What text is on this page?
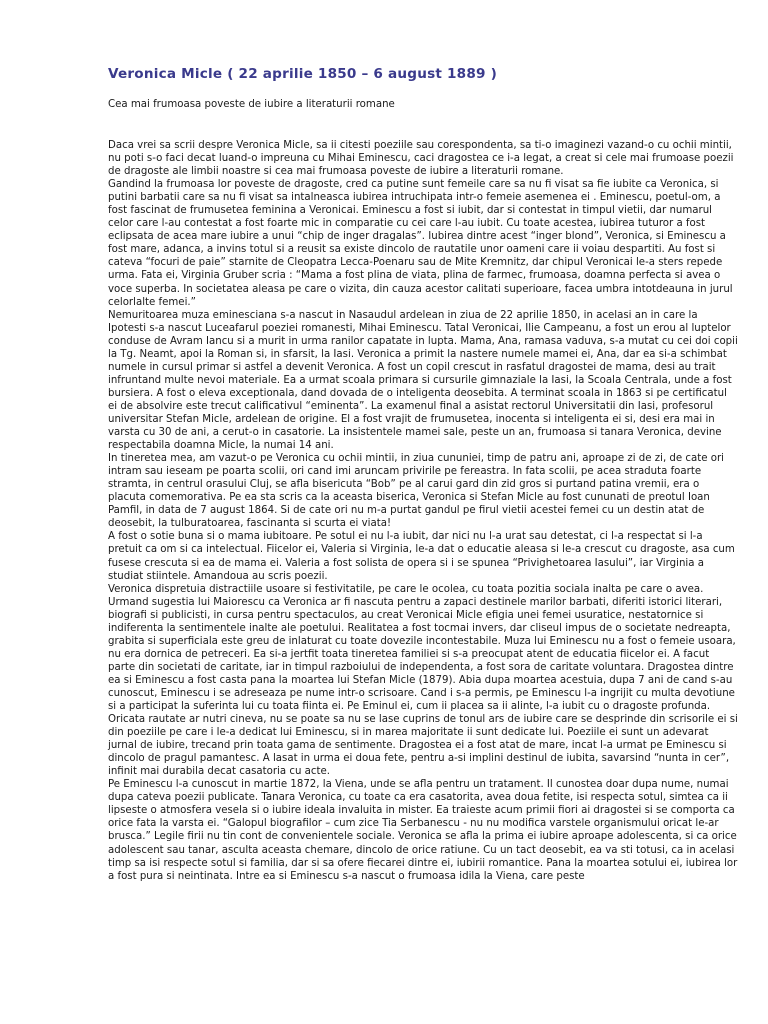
Veronica Micle ( 22 aprilie 1850 – 6 august 1889 )
Cea mai frumoasa poveste de iubire a literaturii romane

Daca vrei sa scrii despre Veronica Micle, sa ii citesti poeziile sau corespondenta, sa ti-o imaginezi vazand-o cu ochii mintii, nu poti s-o faci decat luand-o impreuna cu Mihai Eminescu, caci dragostea ce i-a legat, a creat si cele mai frumoase poezii de dragoste ale limbii noastre si cea mai frumoasa poveste de iubire a literaturii romane.

Gandind la frumoasa lor poveste de dragoste, cred ca putine sunt femeile care sa nu fi visat sa fie iubite ca Veronica, si putini barbatii care sa nu fi visat sa intalneasca iubirea intruchipata intr-o femeie asemenea ei . Eminescu, poetul-om, a fost fascinat de frumusetea feminina a Veronicai. Eminescu a fost si iubit, dar si contestat in timpul vietii, dar numarul celor care l-au contestat a fost foarte mic in comparatie cu cei care l-au iubit. Cu toate acestea, iubirea tuturor a fost eclipsata de acea mare iubire a unui “chip de inger dragalas”. Iubirea dintre acest “inger blond”, Veronica, si Eminescu a fost mare, adanca, a invins totul si a reusit sa existe dincolo de rautatile unor oameni care ii voiau despartiti. Au fost si cateva “focuri de paie” starnite de Cleopatra Lecca-Poenaru sau de Mite Kremnitz, dar chipul Veronicai le-a sters repede urma. Fata ei, Virginia Gruber scria : “Mama a fost plina de viata, plina de farmec, frumoasa, doamna perfecta si avea o voce superba. In societatea aleasa pe care o vizita, din cauza acestor calitati superioare, facea umbra intotdeauna in jurul celorlalte femei.”

Nemuritoarea muza eminesciana s-a nascut in Nasaudul ardelean in ziua de 22 aprilie 1850, in acelasi an in care la Ipotesti s-a nascut Luceafarul poeziei romanesti, Mihai Eminescu. Tatal Veronicai, Ilie Campeanu, a fost un erou al luptelor conduse de Avram Iancu si a murit in urma ranilor capatate in lupta. Mama, Ana, ramasa vaduva, s-a mutat cu cei doi copii la Tg. Neamt, apoi la Roman si, in sfarsit, la Iasi. Veronica a primit la nastere numele mamei ei, Ana, dar ea si-a schimbat numele in cursul primar si astfel a devenit Veronica. A fost un copil crescut in rasfatul dragostei de mama, desi au trait infruntand multe nevoi materiale. Ea a urmat scoala primara si cursurile gimnaziale la Iasi, la Scoala Centrala, unde a fost bursiera. A fost o eleva exceptionala, dand dovada de o inteligenta deosebita. A terminat scoala in 1863 si pe certificatul ei de absolvire este trecut calificativul “eminenta”. La examenul final a asistat rectorul Universitatii din Iasi, profesorul universitar Stefan Micle, ardelean de origine. El a fost vrajit de frumusetea, inocenta si inteligenta ei si, desi era mai in varsta cu 30 de ani, a cerut-o in casatorie. La insistentele mamei sale, peste un an, frumoasa si tanara Veronica, devine respectabila doamna Micle, la numai 14 ani.

In tineretea mea, am vazut-o pe Veronica cu ochii mintii, in ziua cununiei, timp de patru ani, aproape zi de zi, de cate ori intram sau ieseam pe poarta scolii, ori cand imi aruncam privirile pe fereastra. In fata scolii, pe acea straduta foarte stramta, in centrul orasului Cluj, se afla bisericuta “Bob” pe al carui gard din zid gros si purtand patina vremii, era o placuta comemorativa. Pe ea sta scris ca la aceasta biserica, Veronica si Stefan Micle au fost cununati de preotul Ioan Pamfil, in data de 7 august 1864. Si de cate ori nu m-a purtat gandul pe firul vietii acestei femei cu un destin atat de deosebit, la tulburatoarea, fascinanta si scurta ei viata!

A fost o sotie buna si o mama iubitoare. Pe sotul ei nu l-a iubit, dar nici nu l-a urat sau detestat, ci l-a respectat si l-a pretuit ca om si ca intelectual. Fiicelor ei, Valeria si Virginia, le-a dat o educatie aleasa si le-a crescut cu dragoste, asa cum fusese crescuta si ea de mama ei. Valeria a fost solista de opera si i se spunea “Privighetoarea Iasului”, iar Virginia a studiat stiintele. Amandoua au scris poezii.

Veronica dispretuia distractiile usoare si festivitatile, pe care le ocolea, cu toata pozitia sociala inalta pe care o avea. Urmand sugestia lui Maiorescu ca Veronica ar fi nascuta pentru a zapaci destinele marilor barbati, diferiti istorici literari, biografi si publicisti, in cursa pentru spectaculos, au creat Veronicai Micle efigia unei femei usuratice, nestatornice si indiferenta la sentimentele inalte ale poetului. Realitatea a fost tocmai invers, dar cliseul impus de o societate nedreapta, grabita si superficiala este greu de inlaturat cu toate dovezile incontestabile. Muza lui Eminescu nu a fost o femeie usoara, nu era dornica de petreceri. Ea si-a jertfit toata tineretea familiei si s-a preocupat atent de educatia fiicelor ei. A facut parte din societati de caritate, iar in timpul razboiului de independenta, a fost sora de caritate voluntara. Dragostea dintre ea si Eminescu a fost casta pana la moartea lui Stefan Micle (1879). Abia dupa moartea acestuia, dupa 7 ani de cand s-au cunoscut, Eminescu i se adreseaza pe nume intr-o scrisoare. Cand i s-a permis, pe Eminescu l-a ingrijit cu multa devotiune si a participat la suferinta lui cu toata fiinta ei. Pe Eminul ei, cum ii placea sa ii alinte, l-a iubit cu o dragoste profunda. Oricata rautate ar nutri cineva, nu se poate sa nu se lase cuprins de tonul ars de iubire care se desprinde din scrisorile ei si din poeziile pe care i le-a dedicat lui Eminescu, si in marea majoritate ii sunt dedicate lui. Poeziile ei sunt un adevarat jurnal de iubire, trecand prin toata gama de sentimente. Dragostea ei a fost atat de mare, incat l-a urmat pe Eminescu si dincolo de pragul pamantesc. A lasat in urma ei doua fete, pentru a-si implini destinul de iubita, savarsind “nunta in cer”, infinit mai durabila decat casatoria cu acte.

Pe Eminescu l-a cunoscut in martie 1872, la Viena, unde se afla pentru un tratament. Il cunostea doar dupa nume, numai dupa cateva poezii publicate. Tanara Veronica, cu toate ca era casatorita, avea doua fetite, isi respecta sotul, simtea ca ii lipseste o atmosfera vesela si o iubire ideala invaluita in mister. Ea traieste acum primii fiori ai dragostei si se comporta ca orice fata la varsta ei. “Galopul biografilor – cum zice Tia Serbanescu - nu nu modifica varstele organismului oricat le-ar brusca.” Legile firii nu tin cont de convenientele sociale. Veronica se afla la prima ei iubire aproape adolescenta, si ca orice adolescent sau tanar, asculta aceasta chemare, dincolo de orice ratiune. Cu un tact deosebit, ea va sti totusi, ca in acelasi timp sa isi respecte sotul si familia, dar si sa ofere fiecarei dintre ei, iubirii romantice. Pana la moartea sotului ei, iubirea lor a fost pura si neintinata. Intre ea si Eminescu s-a nascut o frumoasa idila la Viena, care peste
